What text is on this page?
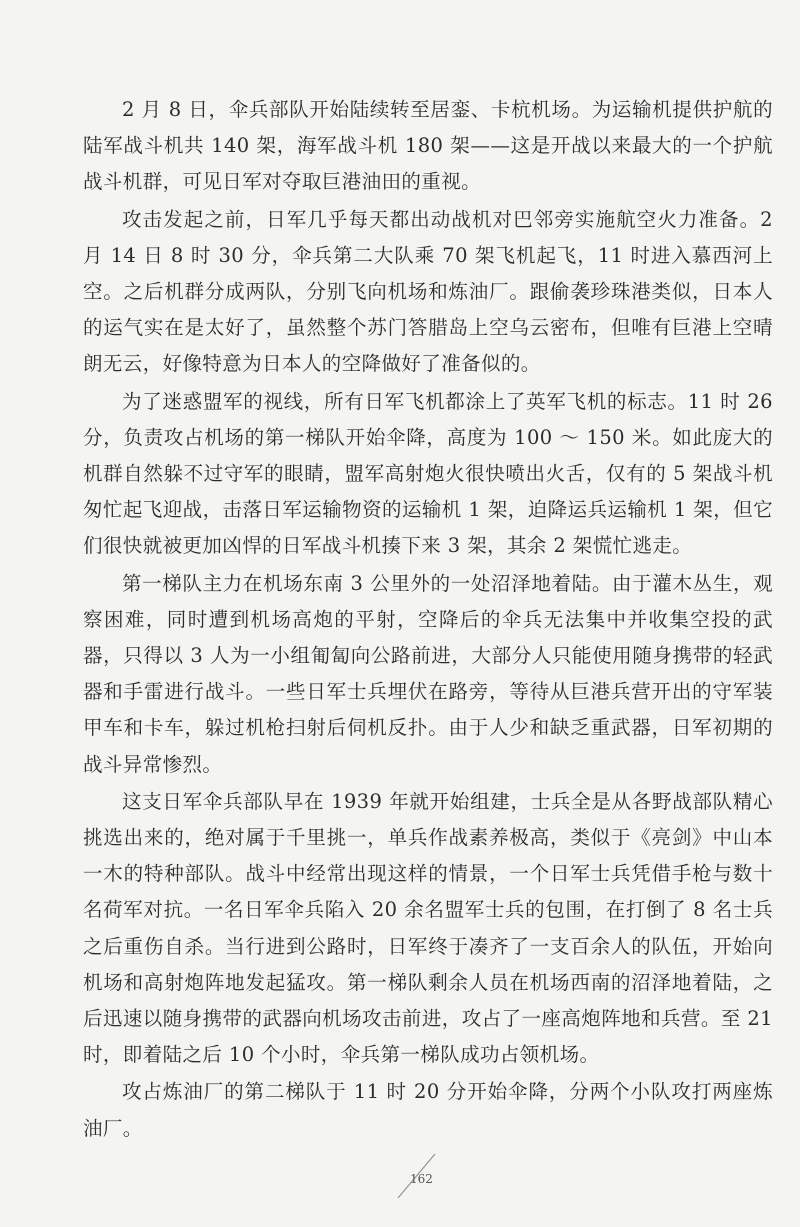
2 月 8 日，伞兵部队开始陆续转至居銮、卡杭机场。为运输机提供护航的陆军战斗机共 140 架，海军战斗机 180 架——这是开战以来最大的一个护航战斗机群，可见日军对夺取巨港油田的重视。

攻击发起之前，日军几乎每天都出动战机对巴邻旁实施航空火力准备。2 月 14 日 8 时 30 分，伞兵第二大队乘 70 架飞机起飞，11 时进入慕西河上空。之后机群分成两队，分别飞向机场和炼油厂。跟偷袭珍珠港类似，日本人的运气实在是太好了，虽然整个苏门答腊岛上空乌云密布，但唯有巨港上空晴朗无云，好像特意为日本人的空降做好了准备似的。

为了迷惑盟军的视线，所有日军飞机都涂上了英军飞机的标志。11 时 26 分，负责攻占机场的第一梯队开始伞降，高度为 100 ～ 150 米。如此庞大的机群自然躲不过守军的眼睛，盟军高射炮火很快喷出火舌，仅有的 5 架战斗机匆忙起飞迎战，击落日军运输物资的运输机 1 架，迫降运兵运输机 1 架，但它们很快就被更加凶悍的日军战斗机揍下来 3 架，其余 2 架慌忙逃走。

第一梯队主力在机场东南 3 公里外的一处沼泽地着陆。由于灌木丛生，观察困难，同时遭到机场高炮的平射，空降后的伞兵无法集中并收集空投的武器，只得以 3 人为一小组匍匐向公路前进，大部分人只能使用随身携带的轻武器和手雷进行战斗。一些日军士兵埋伏在路旁，等待从巨港兵营开出的守军装甲车和卡车，躲过机枪扫射后伺机反扑。由于人少和缺乏重武器，日军初期的战斗异常惨烈。

这支日军伞兵部队早在 1939 年就开始组建，士兵全是从各野战部队精心挑选出来的，绝对属于千里挑一，单兵作战素养极高，类似于《亮剑》中山本一木的特种部队。战斗中经常出现这样的情景，一个日军士兵凭借手枪与数十名荷军对抗。一名日军伞兵陷入 20 余名盟军士兵的包围，在打倒了 8 名士兵之后重伤自杀。当行进到公路时，日军终于凑齐了一支百余人的队伍，开始向机场和高射炮阵地发起猛攻。第一梯队剩余人员在机场西南的沼泽地着陆，之后迅速以随身携带的武器向机场攻击前进，攻占了一座高炮阵地和兵营。至 21 时，即着陆之后 10 个小时，伞兵第一梯队成功占领机场。

攻占炼油厂的第二梯队于 11 时 20 分开始伞降，分两个小队攻打两座炼油厂。

162
